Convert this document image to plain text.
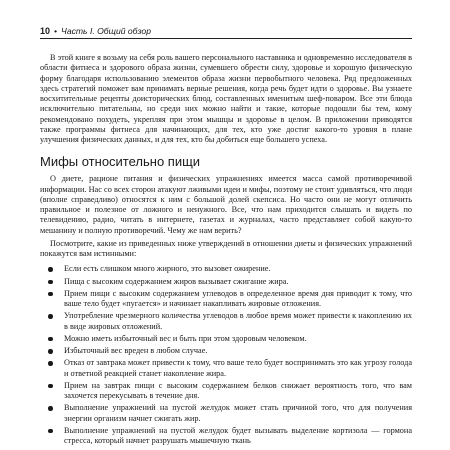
10 • Часть I. Общий обзор

В этой книге я возьму на себя роль вашего персонального наставника и одновременно исследователя в области фитнеса и здорового образа жизни, сумевшего обрести силу, здоровье и хорошую физическую форму благодаря использованию элементов образа жизни первобытного человека. Ряд предложенных здесь стратегий поможет вам принимать верные решения, когда речь будет идти о здоровье. Вы узнаете восхитительные рецепты доисторических блюд, составленных именитым шеф-поваром. Все эти блюда исключительно питательны, но среди них можно найти и такие, которые подошли бы тем, кому рекомендовано похудеть, укрепляя при этом мышцы и здоровье в целом. В приложении приводятся также программы фитнеса для начинающих, для тех, кто уже достиг какого-то уровня в плане улучшения физических данных, и для тех, кто бы добиться еще большего успеха.

Мифы относительно пищи

О диете, рационе питания и физических упражнениях имеется масса самой противоречивой информации. Нас со всех сторон атакуют лживыми идеи и мифы, поэтому не стоит удивляться, что люди (вполне справедливо) относятся к ним с большой долей скепсиса. Но часто они не могут отличить правильное и полезное от ложного и ненужного. Все, что нам приходится слышать и видеть по телевидению, радио, читать в интернете, газетах и журналах, часто представляет собой какую-то мешанину и полную противоречий. Чему же нам верить?

Посмотрите, какие из приведенных ниже утверждений в отношении диеты и физических упражнений покажутся вам истинными:

Если есть слишком много жирного, это вызовет ожирение.
Пища с высоким содержанием жиров вызывает сжигание жира.
Прием пищи с высоким содержанием углеводов в определенное время дня приводит к тому, что ваше тело будет «пугается» и начинает накапливать жировые отложения.
Употребление чрезмерного количества углеводов в любое время может привести к накоплению их в виде жировых отложений.
Можно иметь избыточный вес и быть при этом здоровым человеком.
Избыточный вес вреден в любом случае.
Отказ от завтрака может привести к тому, что ваше тело будет воспринимать это как угрозу голода и ответной реакцией станет накопление жира.
Прием на завтрак пищи с высоким содержанием белков снижает вероятность того, что вам захочется перекусывать в течение дня.
Выполнение упражнений на пустой желудок может стать причиной того, что для получения энергии организм начнет сжигать жир.
Выполнение упражнений на пустой желудок будет вызывать выделение кортизола — гормона стресса, который начнет разрушать мышечную ткань
